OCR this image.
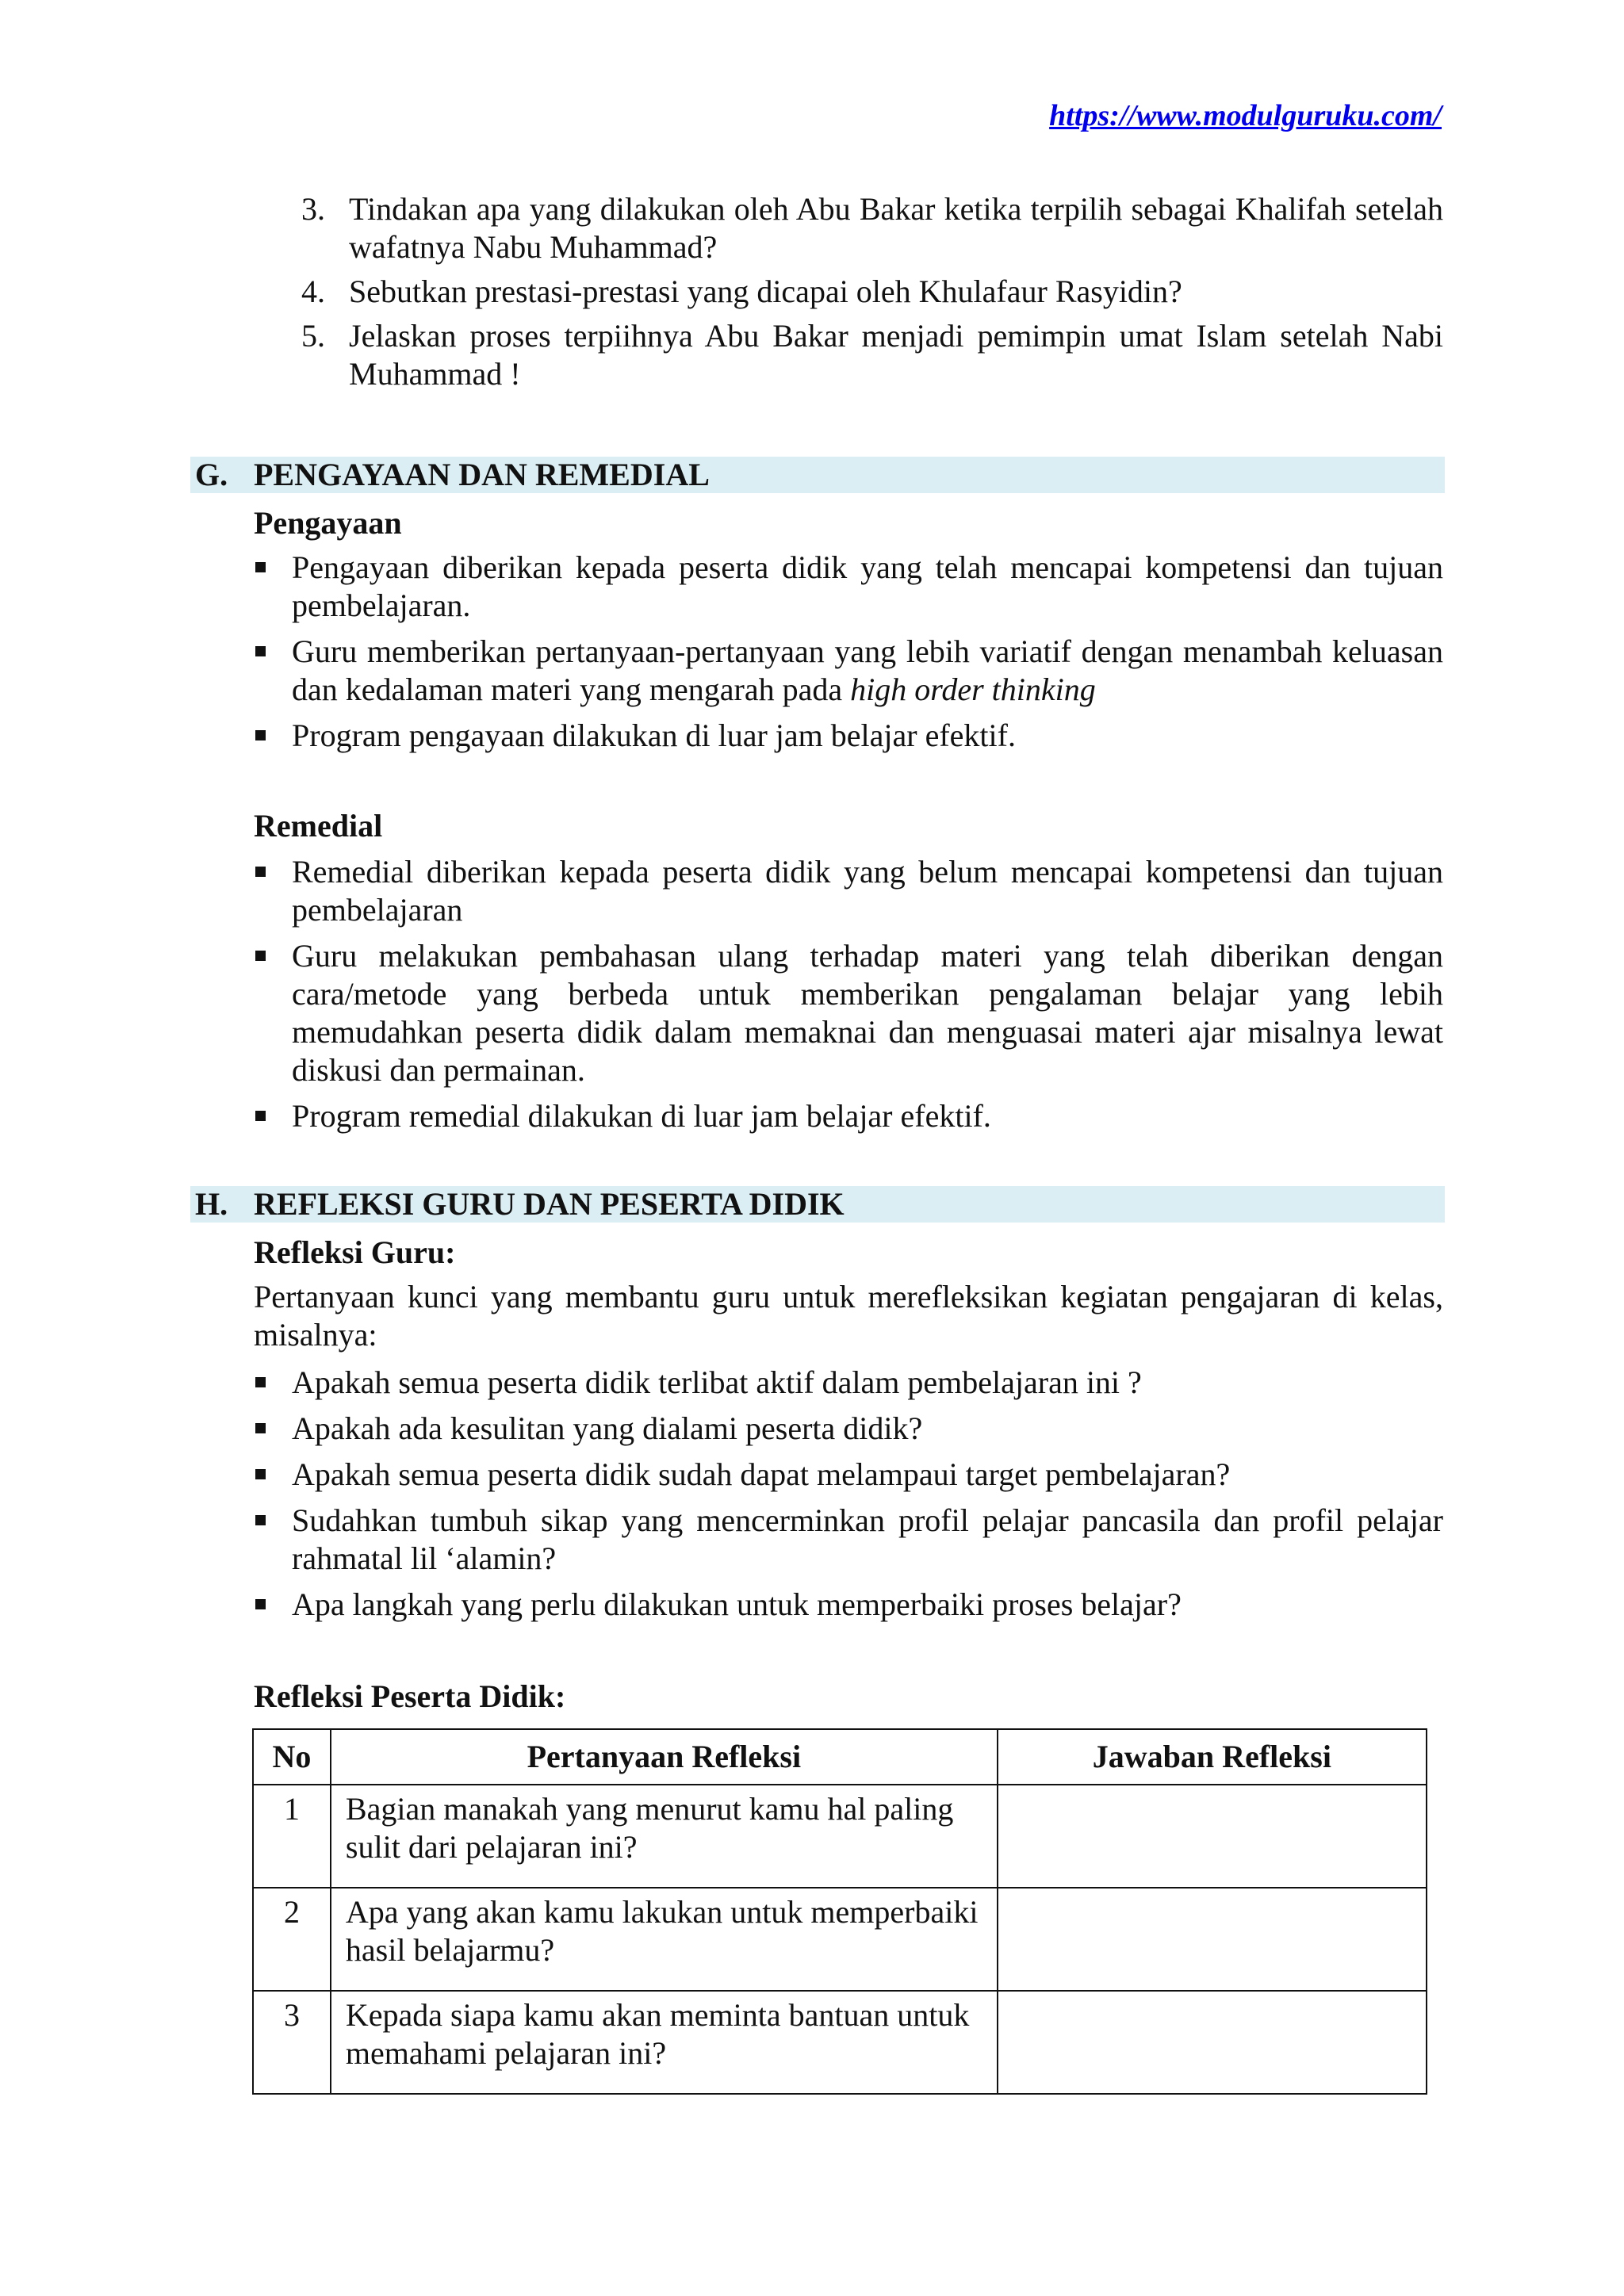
https://www.modulguruku.com/
3. Tindakan apa yang dilakukan oleh Abu Bakar ketika terpilih sebagai Khalifah setelah wafatnya Nabu Muhammad?
4. Sebutkan prestasi-prestasi yang dicapai oleh Khulafaur Rasyidin?
5. Jelaskan proses terpiihnya Abu Bakar menjadi pemimpin umat Islam setelah Nabi Muhammad !
G. PENGAYAAN DAN REMEDIAL
Pengayaan
Pengayaan diberikan kepada peserta didik yang telah mencapai kompetensi dan tujuan pembelajaran.
Guru memberikan pertanyaan-pertanyaan yang lebih variatif dengan menambah keluasan dan kedalaman materi yang mengarah pada high order thinking
Program pengayaan dilakukan di luar jam belajar efektif.
Remedial
Remedial diberikan kepada peserta didik yang belum mencapai kompetensi dan tujuan pembelajaran
Guru melakukan pembahasan ulang terhadap materi yang telah diberikan dengan cara/metode yang berbeda untuk memberikan pengalaman belajar yang lebih memudahkan peserta didik dalam memaknai dan menguasai materi ajar misalnya lewat diskusi dan permainan.
Program remedial dilakukan di luar jam belajar efektif.
H. REFLEKSI GURU DAN PESERTA DIDIK
Refleksi Guru:

Pertanyaan kunci yang membantu guru untuk merefleksikan kegiatan pengajaran di kelas, misalnya:

Apakah semua peserta didik terlibat aktif dalam pembelajaran ini ?
Apakah ada kesulitan yang dialami peserta didik?
Apakah semua peserta didik sudah dapat melampaui target pembelajaran?
Sudahkan tumbuh sikap yang mencerminkan profil pelajar pancasila dan profil pelajar rahmatal lil ‘alamin?
Apa langkah yang perlu dilakukan untuk memperbaiki proses belajar?
Refleksi Peserta Didik:
No	Pertanyaan Refleksi	Jawaban Refleksi
1	Bagian manakah yang menurut kamu hal paling sulit dari pelajaran ini?	
2	Apa yang akan kamu lakukan untuk memperbaiki hasil belajarmu?	
3	Kepada siapa kamu akan meminta bantuan untuk memahami pelajaran ini?	
